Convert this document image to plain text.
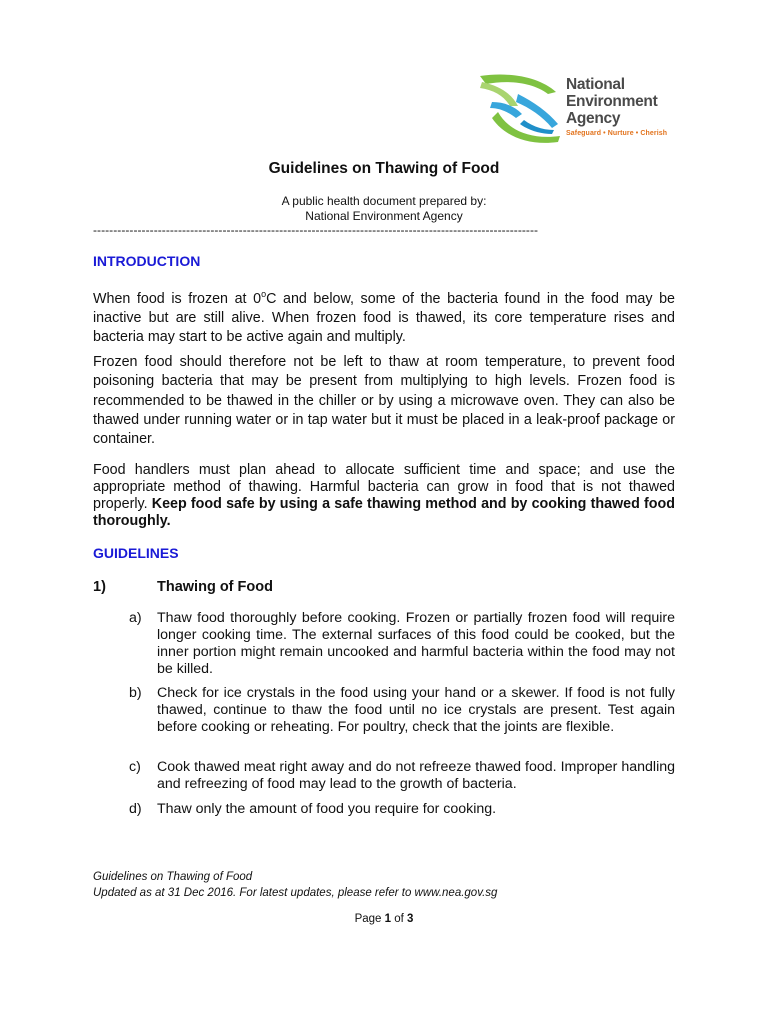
National
Environment
Agency
Safeguard • Nurture • Cherish
Guidelines on Thawing of Food
A public health document prepared by:
National Environment Agency
--------------------------------------------------------------------------------------------------------------
INTRODUCTION
When food is frozen at 0$^o$C and below, some of the bacteria found in the food may be inactive but are still alive. When frozen food is thawed, its core temperature rises and bacteria may start to be active again and multiply.
Frozen food should therefore not be left to thaw at room temperature, to prevent food poisoning bacteria that may be present from multiplying to high levels. Frozen food is recommended to be thawed in the chiller or by using a microwave oven. They can also be thawed under running water or in tap water but it must be placed in a leak-proof package or container.
Food handlers must plan ahead to allocate sufficient time and space; and use the appropriate method of thawing. Harmful bacteria can grow in food that is not thawed properly. Keep food safe by using a safe thawing method and by cooking thawed food thoroughly.
GUIDELINES
1)	Thawing of Food
a)	Thaw food thoroughly before cooking. Frozen or partially frozen food will require longer cooking time. The external surfaces of this food could be cooked, but the inner portion might remain uncooked and harmful bacteria within the food may not be killed.
b)	Check for ice crystals in the food using your hand or a skewer. If food is not fully thawed, continue to thaw the food until no ice crystals are present. Test again before cooking or reheating. For poultry, check that the joints are flexible.
c)	Cook thawed meat right away and do not refreeze thawed food. Improper handling and refreezing of food may lead to the growth of bacteria.
d)	Thaw only the amount of food you require for cooking.
Guidelines on Thawing of Food
Updated as at 31 Dec 2016. For latest updates, please refer to www.nea.gov.sg
Page 1 of 3
